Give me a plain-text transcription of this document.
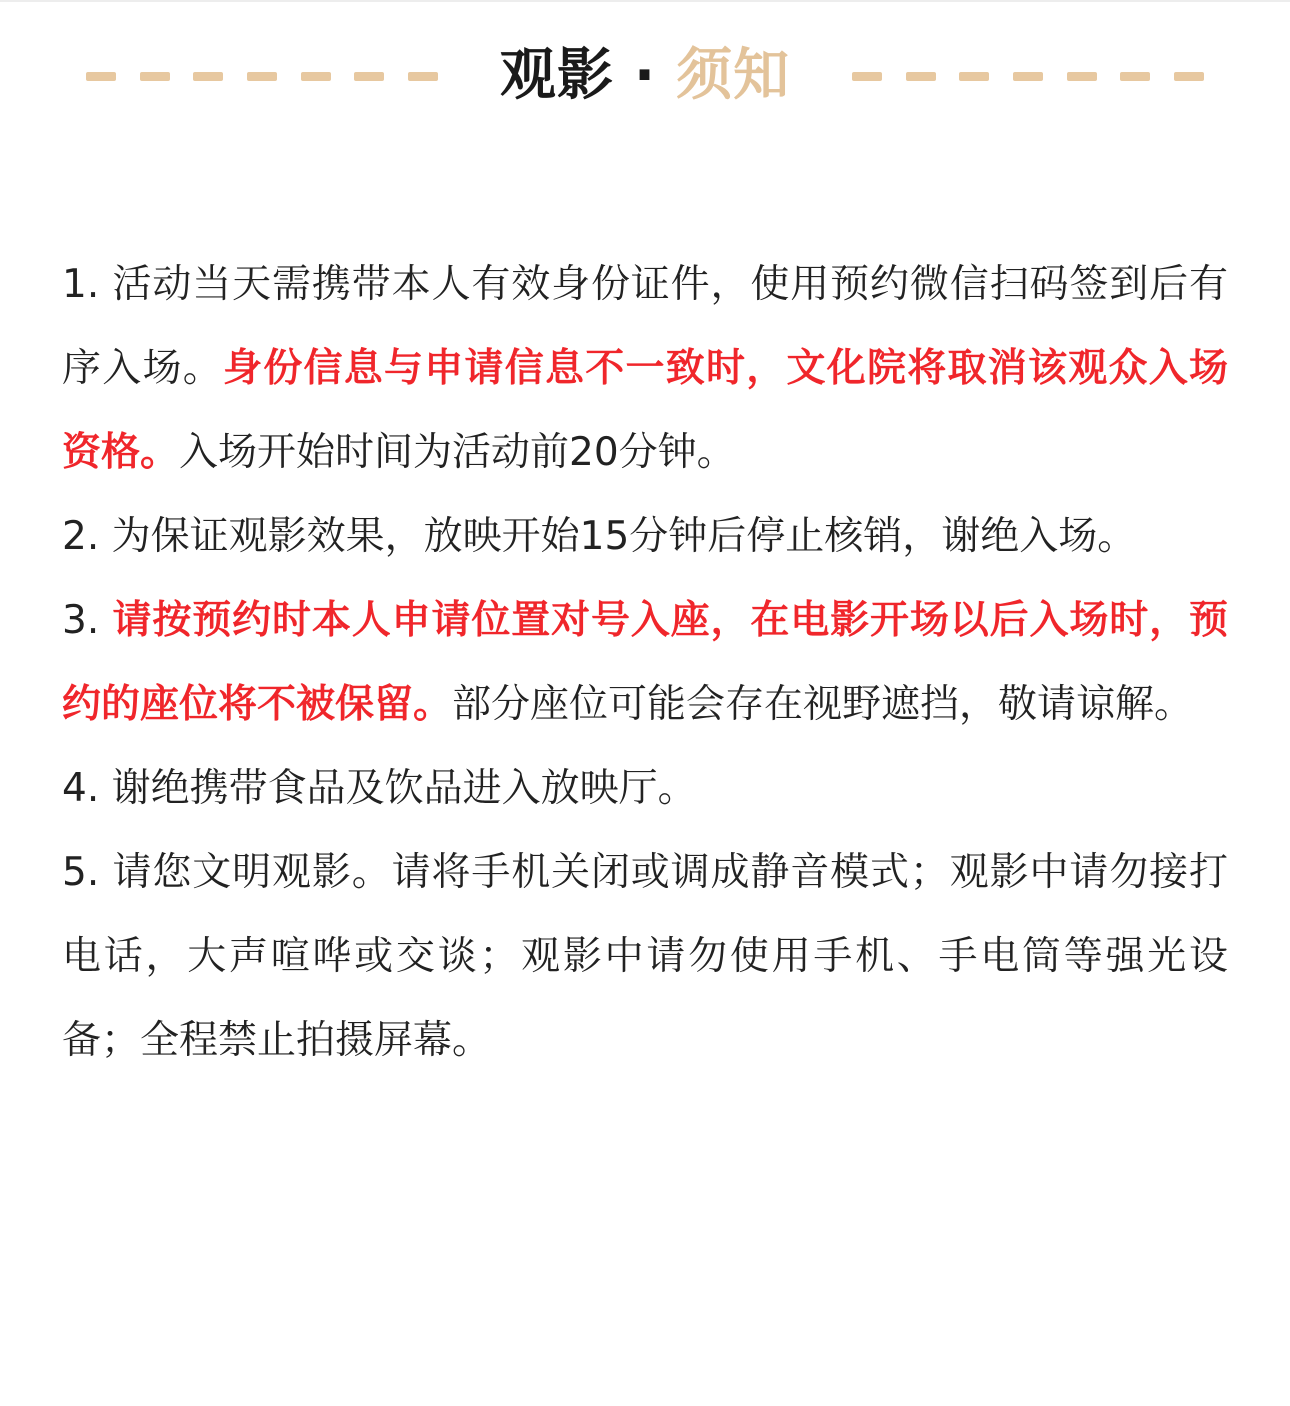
观影 · 须知

1. 活动当天需携带本人有效身份证件，使用预约微信扫码签到后有序入场。身份信息与申请信息不一致时，文化院将取消该观众入场资格。入场开始时间为活动前20分钟。

2. 为保证观影效果，放映开始15分钟后停止核销，谢绝入场。

3. 请按预约时本人申请位置对号入座，在电影开场以后入场时，预约的座位将不被保留。部分座位可能会存在视野遮挡，敬请谅解。

4. 谢绝携带食品及饮品进入放映厅。

5. 请您文明观影。请将手机关闭或调成静音模式；观影中请勿接打电话，大声喧哗或交谈；观影中请勿使用手机、手电筒等强光设备；全程禁止拍摄屏幕。
